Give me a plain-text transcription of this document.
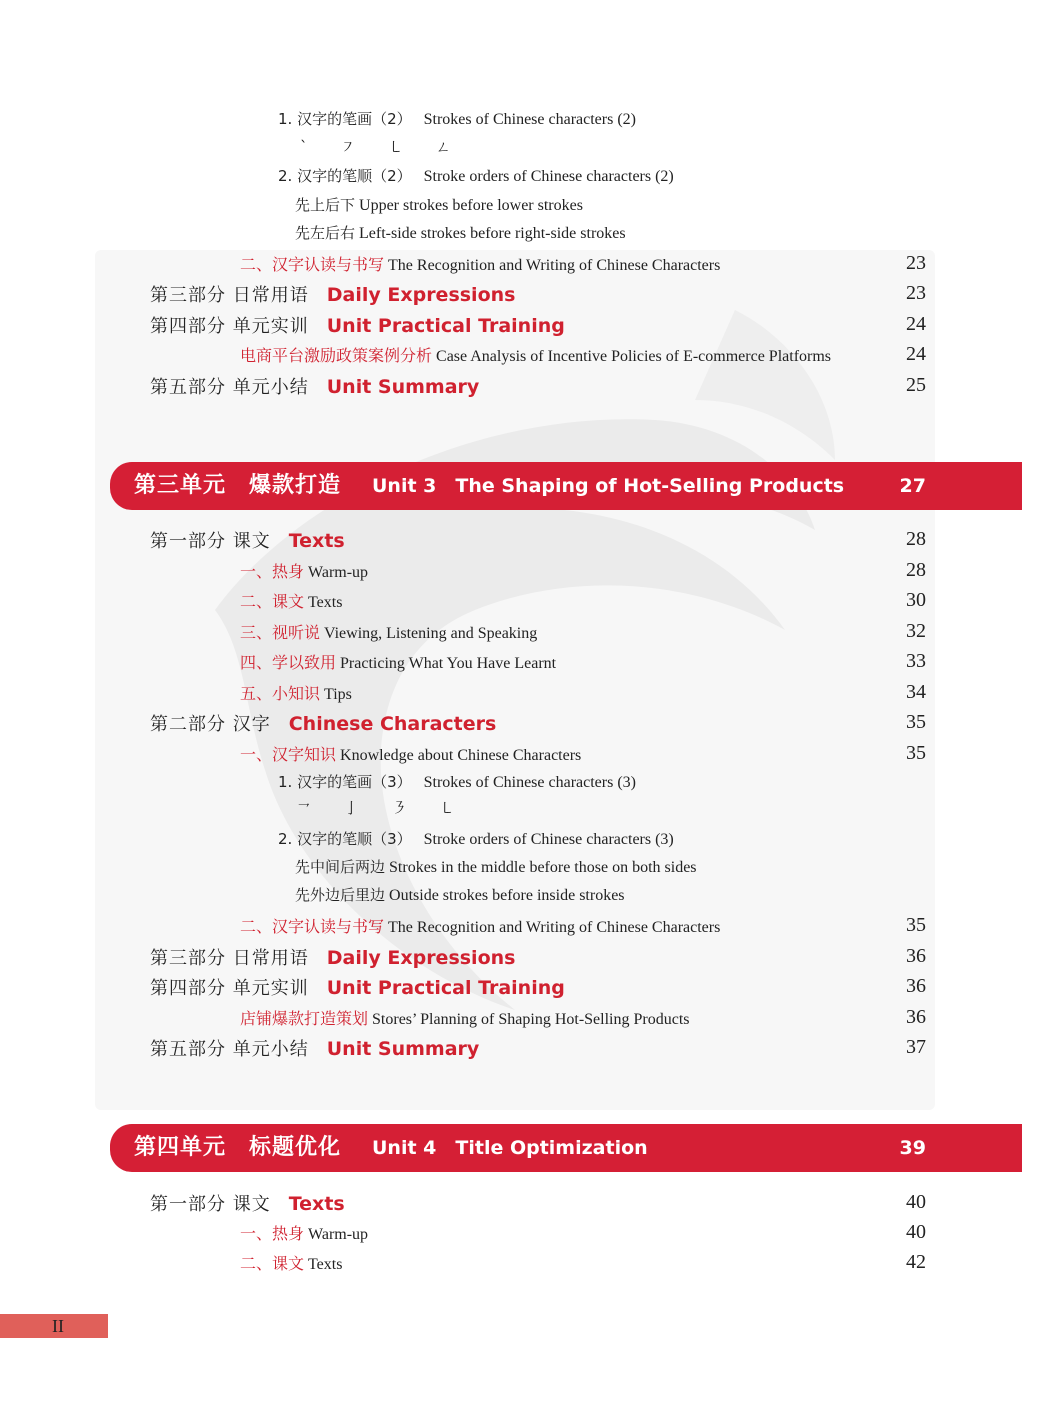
1. 汉字的笔画（2） Strokes of Chinese characters (2)
` ㇇ ㇄ ㄥ
2. 汉字的笔顺（2） Stroke orders of Chinese characters (2)
先上后下 Upper strokes before lower strokes
先左后右 Left-side strokes before right-side strokes
二、汉字认读与书写 The Recognition and Writing of Chinese Characters	23
第三部分 日常用语 Daily Expressions	23
第四部分 单元实训 Unit Practical Training	24
电商平台激励政策案例分析 Case Analysis of Incentive Policies of E-commerce Platforms	24
第五部分 单元小结 Unit Summary	25
第三单元　爆款打造 Unit 3　The Shaping of Hot-Selling Products	27
第一部分 课文 Texts	28
一、热身 Warm-up	28
二、课文 Texts	30
三、视听说 Viewing, Listening and Speaking	32
四、学以致用 Practicing What You Have Learnt	33
五、小知识 Tips	34
第二部分 汉字 Chinese Characters	35
一、汉字知识 Knowledge about Chinese Characters	35
1. 汉字的笔画（3） Strokes of Chinese characters (3)
㇖ 亅 ㇋ ㇄
2. 汉字的笔顺（3） Stroke orders of Chinese characters (3)
先中间后两边 Strokes in the middle before those on both sides
先外边后里边 Outside strokes before inside strokes
二、汉字认读与书写 The Recognition and Writing of Chinese Characters	35
第三部分 日常用语 Daily Expressions	36
第四部分 单元实训 Unit Practical Training	36
店铺爆款打造策划 Stores’ Planning of Shaping Hot-Selling Products	36
第五部分 单元小结 Unit Summary	37
第四单元　标题优化 Unit 4　Title Optimization	39
第一部分 课文 Texts	40
一、热身 Warm-up	40
二、课文 Texts	42
II
